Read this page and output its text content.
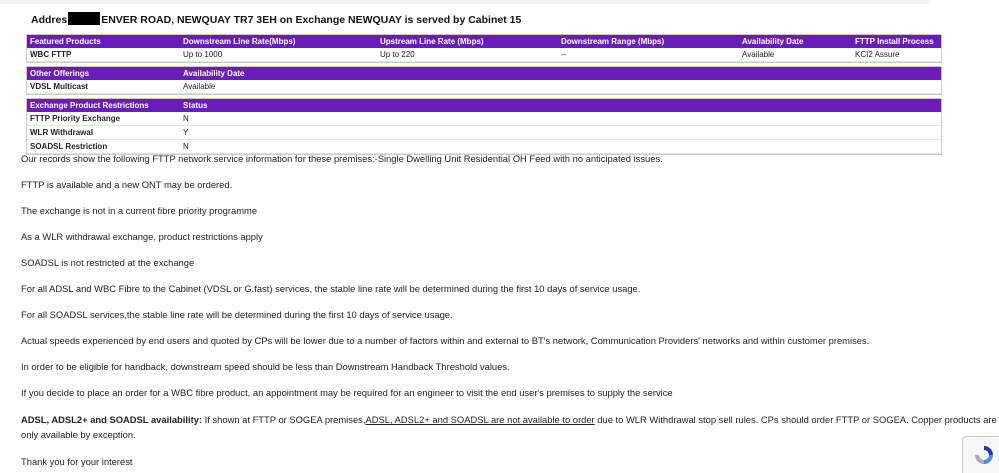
Addres	ENVER ROAD, NEWQUAY TR7 3EH on Exchange NEWQUAY is served by Cabinet 15
Featured Products	Downstream Line Rate(Mbps)	Upstream Line Rate (Mbps)	Downstream Range (Mbps)	Availability Date	FTTP Install Process
WBC FTTP	Up to 1000	Up to 220	--	Available	KCI2 Assure
Other Offerings	Availability Date
VDSL Multicast	Available
Exchange Product Restrictions	Status
FTTP Priority Exchange	N
WLR Withdrawal	Y
SOADSL Restriction	N

Our records show the following FTTP network service information for these premises:-Single Dwelling Unit Residential OH Feed with no anticipated issues.

FTTP is available and a new ONT may be ordered.

The exchange is not in a current fibre priority programme

As a WLR withdrawal exchange, product restrictions apply

SOADSL is not restricted at the exchange

For all ADSL and WBC Fibre to the Cabinet (VDSL or G.fast) services, the stable line rate will be determined during the first 10 days of service usage.

For all SOADSL services,the stable line rate will be determined during the first 10 days of service usage.

Actual speeds experienced by end users and quoted by CPs will be lower due to a number of factors within and external to BT's network, Communication Providers' networks and within customer premises.

In order to be eligible for handback, downstream speed should be less than Downstream Handback Threshold values.

If you decide to place an order for a WBC fibre product, an appointment may be required for an engineer to visit the end user's premises to supply the service

ADSL, ADSL2+ and SOADSL availability: If shown at FTTP or SOGEA premises,ADSL, ADSL2+ and SOADSL are not available to order due to WLR Withdrawal stop sell rules. CPs should order FTTP or SOGEA. Copper products are only available by exception.

Thank you for your interest
